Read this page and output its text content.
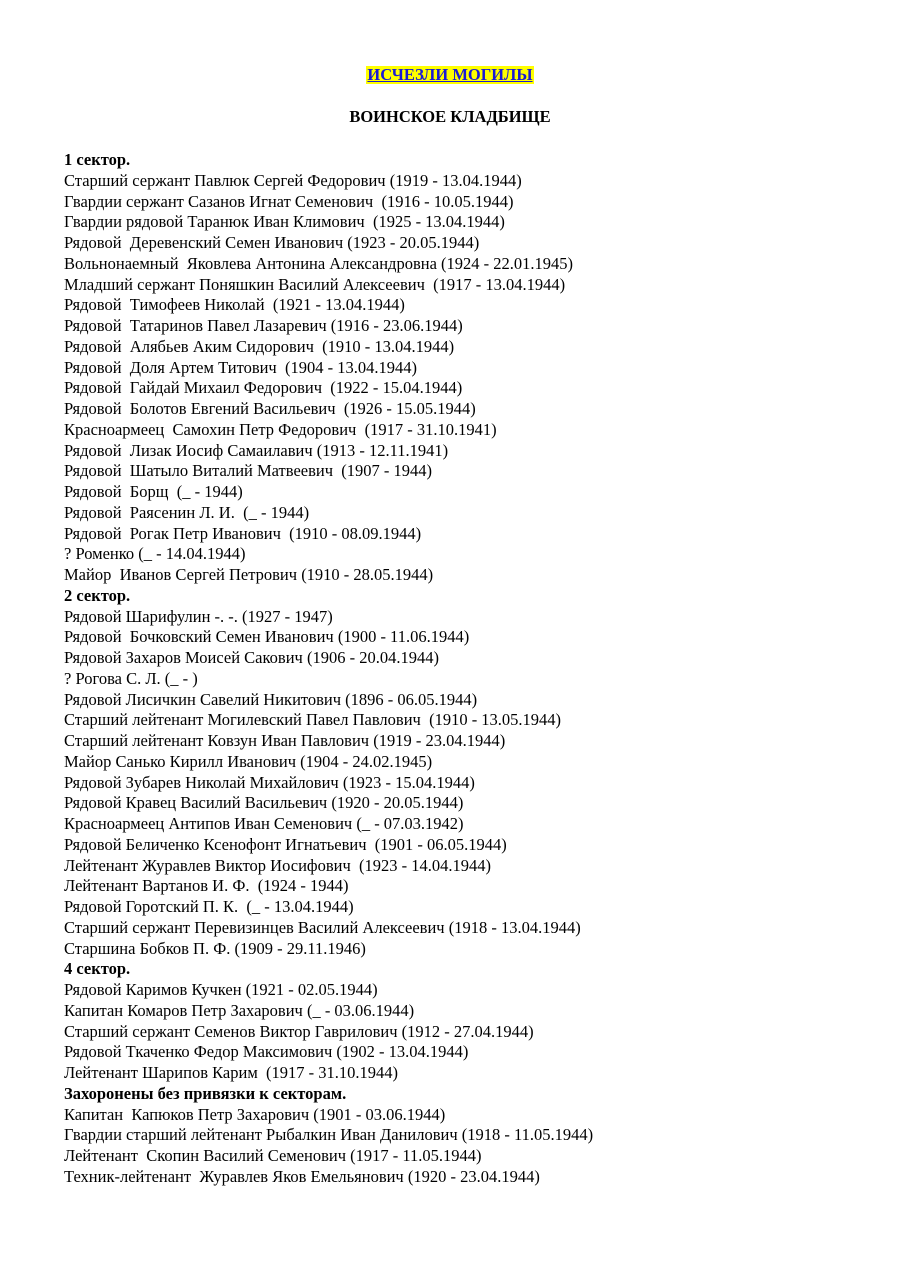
ИСЧЕЗЛИ МОГИЛЫ
ВОИНСКОЕ КЛАДБИЩЕ
1 сектор.
Старший сержант Павлюк Сергей Федорович (1919 - 13.04.1944)
Гвардии сержант Сазанов Игнат Семенович  (1916 - 10.05.1944)
Гвардии рядовой Таранюк Иван Климович  (1925 - 13.04.1944)
Рядовой  Деревенский Семен Иванович (1923 - 20.05.1944)
Вольнонаемный  Яковлева Антонина Александровна (1924 - 22.01.1945)
Младший сержант Поняшкин Василий Алексеевич  (1917 - 13.04.1944)
Рядовой  Тимофеев Николай  (1921 - 13.04.1944)
Рядовой  Татаринов Павел Лазаревич (1916 - 23.06.1944)
Рядовой  Алябьев Аким Сидорович  (1910 - 13.04.1944)
Рядовой  Доля Артем Титович  (1904 - 13.04.1944)
Рядовой  Гайдай Михаил Федорович  (1922 - 15.04.1944)
Рядовой  Болотов Евгений Васильевич  (1926 - 15.05.1944)
Красноармеец  Самохин Петр Федорович  (1917 - 31.10.1941)
Рядовой  Лизак Иосиф Самаилавич (1913 - 12.11.1941)
Рядовой  Шатыло Виталий Матвеевич  (1907 - 1944)
Рядовой  Борщ  (_ - 1944)
Рядовой  Раясенин Л. И.  (_ - 1944)
Рядовой  Рогак Петр Иванович  (1910 - 08.09.1944)
? Роменко (_ - 14.04.1944)
Майор  Иванов Сергей Петрович (1910 - 28.05.1944)
2 сектор.
Рядовой Шарифулин -. -. (1927 - 1947)
Рядовой  Бочковский Семен Иванович (1900 - 11.06.1944)
Рядовой Захаров Моисей Сакович (1906 - 20.04.1944)
? Рогова С. Л. (_ - )
Рядовой Лисичкин Савелий Никитович (1896 - 06.05.1944)
Старший лейтенант Могилевский Павел Павлович  (1910 - 13.05.1944)
Старший лейтенант Ковзун Иван Павлович (1919 - 23.04.1944)
Майор Санько Кирилл Иванович (1904 - 24.02.1945)
Рядовой Зубарев Николай Михайлович (1923 - 15.04.1944)
Рядовой Кравец Василий Васильевич (1920 - 20.05.1944)
Красноармеец Антипов Иван Семенович (_ - 07.03.1942)
Рядовой Беличенко Ксенофонт Игнатьевич  (1901 - 06.05.1944)
Лейтенант Журавлев Виктор Иосифович  (1923 - 14.04.1944)
Лейтенант Вартанов И. Ф.  (1924 - 1944)
Рядовой Горотский П. К.  (_ - 13.04.1944)
Старший сержант Перевизинцев Василий Алексеевич (1918 - 13.04.1944)
Старшина Бобков П. Ф. (1909 - 29.11.1946)
4 сектор.
Рядовой Каримов Кучкен (1921 - 02.05.1944)
Капитан Комаров Петр Захарович (_ - 03.06.1944)
Старший сержант Семенов Виктор Гаврилович (1912 - 27.04.1944)
Рядовой Ткаченко Федор Максимович (1902 - 13.04.1944)
Лейтенант Шарипов Карим  (1917 - 31.10.1944)
Захоронены без привязки к секторам.
Капитан  Капюков Петр Захарович (1901 - 03.06.1944)
Гвардии старший лейтенант Рыбалкин Иван Данилович (1918 - 11.05.1944)
Лейтенант  Скопин Василий Семенович (1917 - 11.05.1944)
Техник-лейтенант  Журавлев Яков Емельянович (1920 - 23.04.1944)
